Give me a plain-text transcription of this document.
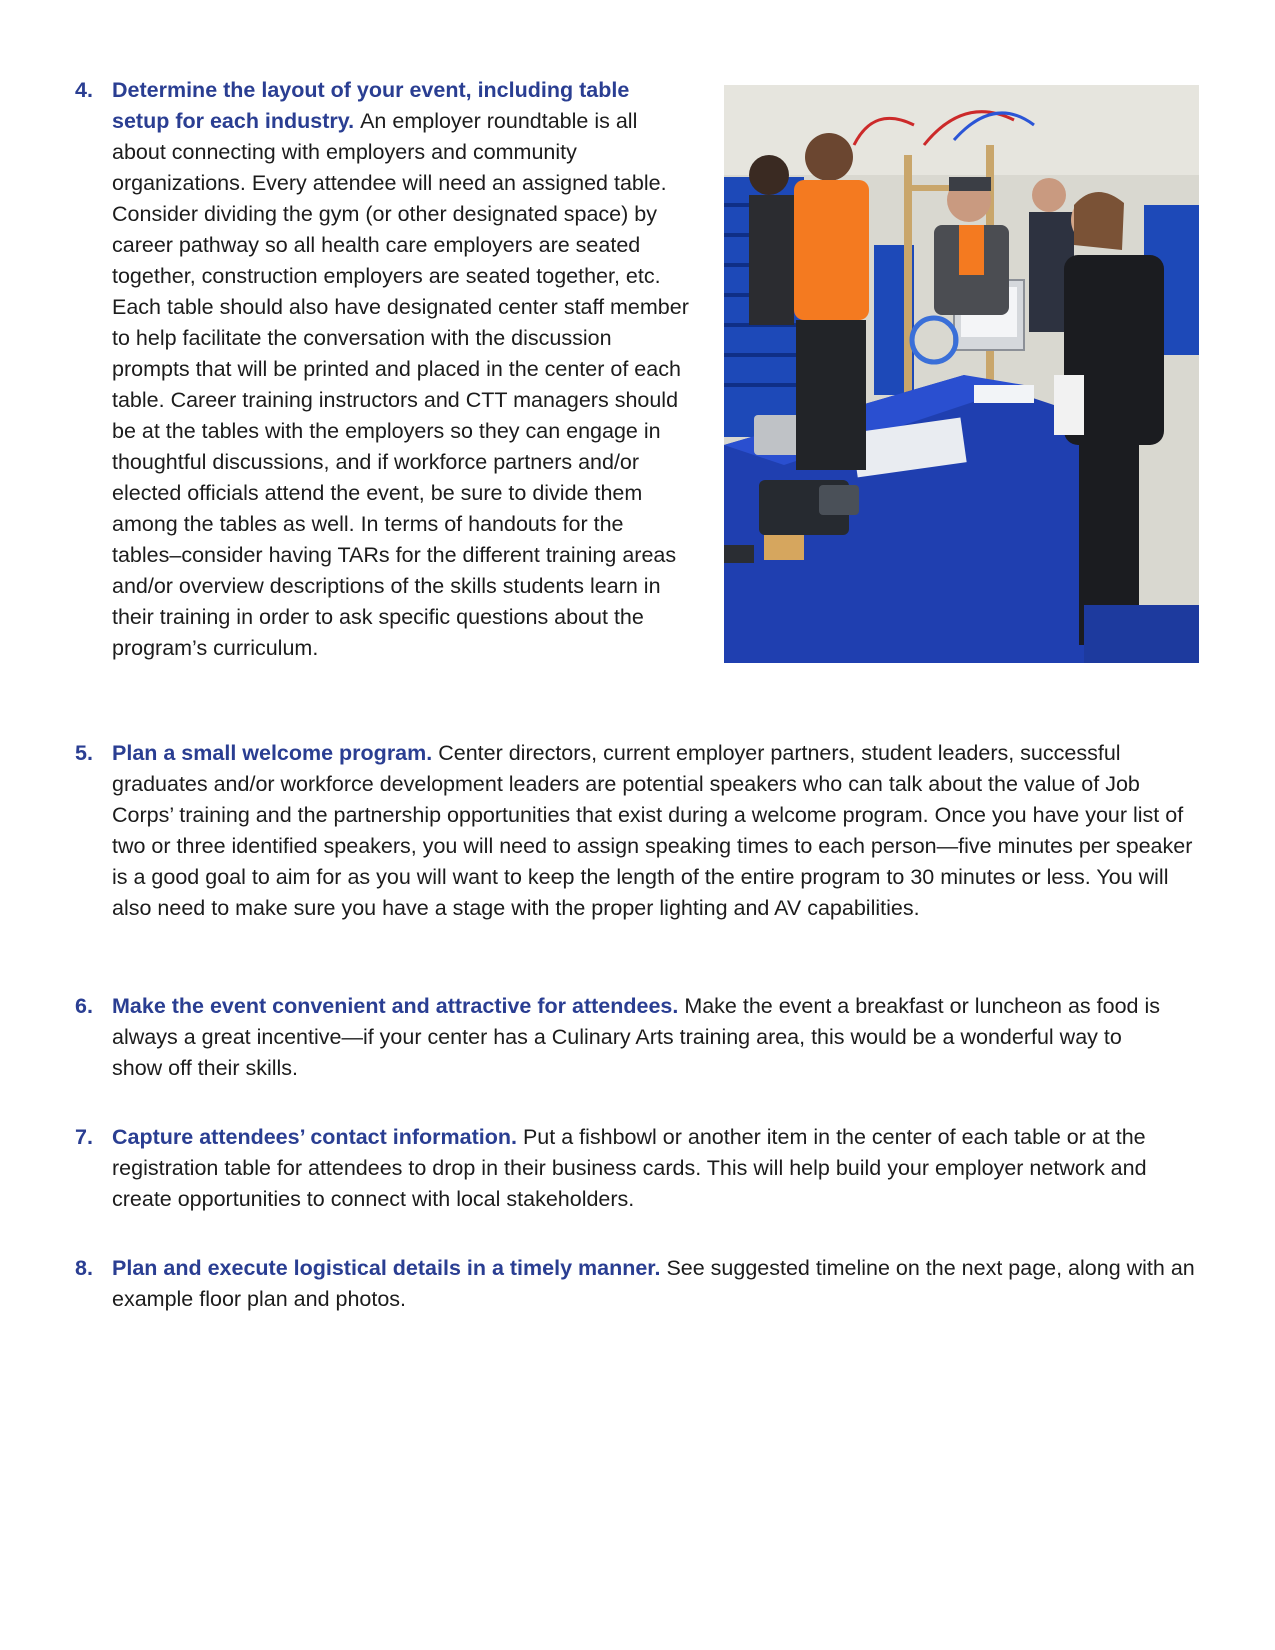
4. Determine the layout of your event, including table setup for each industry. An employer roundtable is all about connecting with employers and community organizations. Every attendee will need an assigned table. Consider dividing the gym (or other designated space) by career pathway so all health care employers are seated together, construction employers are seated together, etc. Each table should also have designated center staff member to help facilitate the conversation with the discussion prompts that will be printed and placed in the center of each table. Career training instructors and CTT managers should be at the tables with the employers so they can engage in thoughtful discussions, and if workforce partners and/or elected officials attend the event, be sure to divide them among the tables as well. In terms of handouts for the tables–consider having TARs for the different training areas and/or overview descriptions of the skills students learn in their training in order to ask specific questions about the program’s curriculum.
5. Plan a small welcome program. Center directors, current employer partners, student leaders, successful graduates and/or workforce development leaders are potential speakers who can talk about the value of Job Corps’ training and the partnership opportunities that exist during a welcome program. Once you have your list of two or three identified speakers, you will need to assign speaking times to each person—five minutes per speaker is a good goal to aim for as you will want to keep the length of the entire program to 30 minutes or less. You will also need to make sure you have a stage with the proper lighting and AV capabilities.
6. Make the event convenient and attractive for attendees. Make the event a breakfast or luncheon as food is always a great incentive—if your center has a Culinary Arts training area, this would be a wonderful way to show off their skills.
7. Capture attendees’ contact information. Put a fishbowl or another item in the center of each table or at the registration table for attendees to drop in their business cards. This will help build your employer network and create opportunities to connect with local stakeholders.
8. Plan and execute logistical details in a timely manner. See suggested timeline on the next page, along with an example floor plan and photos.
